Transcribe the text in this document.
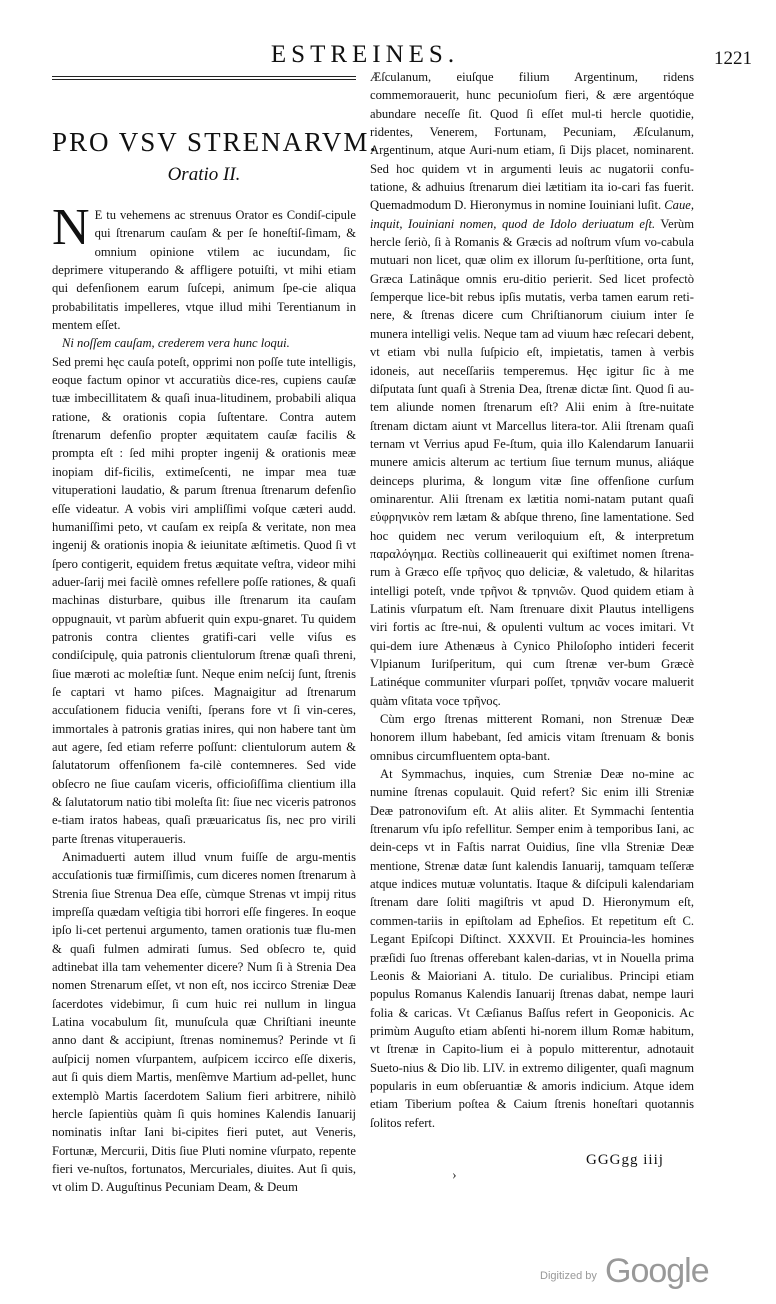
ESTREINES.	1221
PRO VSV STRENARVM.
Oratio II.

N E tu vehemens ac strenuus Orator es Condiſ-cipule qui ſtrenarum cauſam & per ſe honeſtiſ-ſimam, & omnium opinione vtilem ac iucundam, ſic deprimere vituperando & affligere potuiſti, vt mihi etiam qui defenſionem earum ſuſcepi, animum ſpe-cie aliqua probabilitatis impelleres, vtque illud mihi Terentianum in mentem eſſet.

Ni noſſem cauſam, crederem vera hunc loqui.

Sed premi hęc cauſa poteſt, opprimi non poſſe tute intelligis, eoque factum opinor vt accuratiùs dice-res, cupiens cauſæ tuæ imbecillitatem & quaſi inua-litudinem, probabili aliqua ratione, & orationis copia ſuſtentare. Contra autem ſtrenarum defenſio propter æquitatem cauſæ facilis & prompta eſt : ſed mihi propter ingenij & orationis meæ inopiam dif-ficilis, extimeſcenti, ne impar mea tuæ vituperationi laudatio, & parum ſtrenua ſtrenarum defenſio eſſe videatur. A vobis viri ampliſſimi voſque cæteri audd. humaniſſimi peto, vt cauſam ex reipſa & veritate, non mea ingenij & orationis inopia & ieiunitate æſtimetis. Quod ſi vt ſpero contigerit, equidem fretus æquitate veſtra, videor mihi aduer-ſarij mei facilè omnes refellere poſſe rationes, & quaſi machinas disturbare, quibus ille ſtrenarum ita cauſam oppugnauit, vt parùm abfuerit quin expu-gnaret. Tu quidem patronis contra clientes gratifi-cari velle viſus es condiſcipulę, quia patronis clientulorum ſtrenæ quaſi threni, ſiue mæroti ac moleſtiæ ſunt. Neque enim neſcij ſunt, ſtrenis ſe captari vt hamo piſces. Magnaigitur ad ſtrenarum accuſationem fiducia veniſti, ſperans fore vt ſi vin-ceres, immortales à patronis gratias inires, qui non habere tant ùm aut agere, ſed etiam referre poſſunt: clientulorum autem & ſalutatorum offenſionem fa-cilè contemneres. Sed vide obſecro ne ſiue cauſam viceris, officioſiſſima clientium illa & ſalutatorum natio tibi moleſta ſit: ſiue nec viceris patronos e-tiam iratos habeas, quaſi præuaricatus ſis, nec pro virili parte ſtrenas vituperaueris.

Animaduerti autem illud vnum fuiſſe de argu-mentis accuſationis tuæ firmiſſimis, cum diceres nomen ſtrenarum à Strenia ſiue Strenua Dea eſſe, cùmque Strenas vt impij ritus impreſſa quædam veſtigia tibi horrori eſſe fingeres. In eoque ipſo li-cet pertenui argumento, tamen orationis tuæ flu-men & quaſi fulmen admirati ſumus. Sed obſecro te, quid adtinebat illa tam vehementer dicere? Num ſi à Strenia Dea nomen Strenarum eſſet, vt non eſt, nos iccirco Streniæ Deæ ſacerdotes videbimur, ſi cum huic rei nullum in lingua Latina vocabulum ſit, munuſcula quæ Chriſtiani ineunte anno dant & accipiunt, ſtrenas nominemus? Perinde vt ſi auſpicij nomen vſurpantem, auſpicem iccirco eſſe dixeris, aut ſi quis diem Martis, menſèmve Martium ad-pellet, hunc extemplò Martis ſacerdotem Salium fieri arbitrere, nihilò hercle ſapientiùs quàm ſi quis homines Kalendis Ianuarij nominatis inſtar Iani bi-cipites fieri putet, aut Veneris, Fortunæ, Mercurii, Ditis ſiue Pluti nomine vſurpato, repente fieri ve-nuſtos, fortunatos, Mercuriales, diuites. Aut ſi quis, vt olim D. Auguſtinus Pecuniam Deam, & Deum

Æſculanum, eiuſque filium Argentinum, ridens commemorauerit, hunc pecunioſum fieri, & ære argentóque abundare neceſſe ſit. Quod ſi eſſet mul-ti hercle quotidie, ridentes, Venerem, Fortunam, Pecuniam, Æſculanum, Argentinum, atque Auri-num etiam, ſi Dijs placet, nominarent. Sed hoc quidem vt in argumenti leuis ac nugatorii confu-tatione, & adhuius ſtrenarum diei lætitiam ita io-cari fas fuerit. Quemadmodum D. Hieronymus in nomine Iouiniani luſit. Caue, inquit, Iouiniani nomen, quod de Idolo deriuatum eſt. Verùm hercle ſeriò, ſi à Romanis & Græcis ad noſtrum vſum vo-cabula mutuari non licet, quæ olim ex illorum ſu-perſtitione, orta ſunt, Græca Latinâque omnis eru-ditio perierit. Sed licet profectò ſemperque lice-bit rebus ipſis mutatis, verba tamen earum reti-nere, & ſtrenas dicere cum Chriſtianorum ciuium inter ſe munera intelligi velis. Neque tam ad viuum hæc reſecari debent, vt etiam vbi nulla ſuſpicio eſt, impietatis, tamen à verbis idoneis, aut neceſſariis temperemus. Hęc igitur ſic à me diſputata ſunt quaſi à Strenia Dea, ſtrenæ dictæ ſint. Quod ſi au-tem aliunde nomen ſtrenarum eſt? Alii enim à ſtre-nuitate ſtrenam dictam aiunt vt Marcellus litera-tor. Alii ſtrenam quaſi ternam vt Verrius apud Fe-ſtum, quia illo Kalendarum Ianuarii munere amicis alterum ac tertium ſiue ternum munus, aliáque deinceps plurima, & longum vitæ ſine offenſione curſum ominarentur. Alii ſtrenam ex lætitia nomi-natam putant quaſi εὐφρηνικὸν rem lætam & abſque threno, ſine lamentatione. Sed hoc quidem nec verum veriloquium eſt, & interpretum παραλόγημα. Rectiùs collineauerit qui exiſtimet nomen ſtrena-rum à Græco eſſe τρῆνος quo deliciæ, & valetudo, & hilaritas intelligi poteſt, vnde τρῆνοι & τρηνιῶν. Quod quidem etiam à Latinis vſurpatum eſt. Nam ſtrenuare dixit Plautus intelligens viri fortis ac ſtre-nui, & opulenti vultum ac voces imitari. Vt qui-dem iure Athenæus à Cynico Philoſopho intideri fecerit Vlpianum Iuriſperitum, qui cum ſtrenæ ver-bum Græcè Latinéque communiter vſurpari poſſet, τρηνιᾶν vocare maluerit quàm vſitata voce τρῆνος.

Cùm ergo ſtrenas mitterent Romani, non Strenuæ Deæ honorem illum habebant, ſed amicis vitam ſtrenuam & bonis omnibus circumfluentem opta-bant.

At Symmachus, inquies, cum Streniæ Deæ no-mine ac numine ſtrenas copulauit. Quid refert? Sic enim illi Streniæ Deæ patronoviſum eſt. At aliis aliter. Et Symmachi ſententia ſtrenarum vſu ipſo refellitur. Semper enim à temporibus Iani, ac dein-ceps vt in Faſtis narrat Ouidius, ſine vlla Streniæ Deæ mentione, Strenæ datæ ſunt kalendis Ianuarij, tamquam teſſeræ atque indices mutuæ voluntatis. Itaque & diſcipuli kalendariam ſtrenam dare ſoliti magiſtris vt apud D. Hieronymum eſt, commen-tariis in epiſtolam ad Epheſios. Et repetitum eſt C. Legant Epiſcopi Diſtinct. XXXVII. Et Prouincia-les homines præſidi ſuo ſtrenas offerebant kalen-darias, vt in Nouella prima Leonis & Maioriani A. titulo. De curialibus. Principi etiam populus Romanus Kalendis Ianuarij ſtrenas dabat, nempe lauri folia & caricas. Vt Cæſianus Baſſus refert in Geoponicis. Ac primùm Auguſto etiam abſenti hi-norem illum Romæ habitum, vt ſtrenæ in Capito-lium ei à populo mitterentur, adnotauit Sueto-nius & Dio lib. LIV. in extremo diligenter, quaſi magnum popularis in eum obſeruantiæ & amoris indicium. Atque idem etiam Tiberium poſtea & Caium ſtrenis honeſtari quotannis ſolitos refert.

›
GGGgg iiij
Digitized by Google
